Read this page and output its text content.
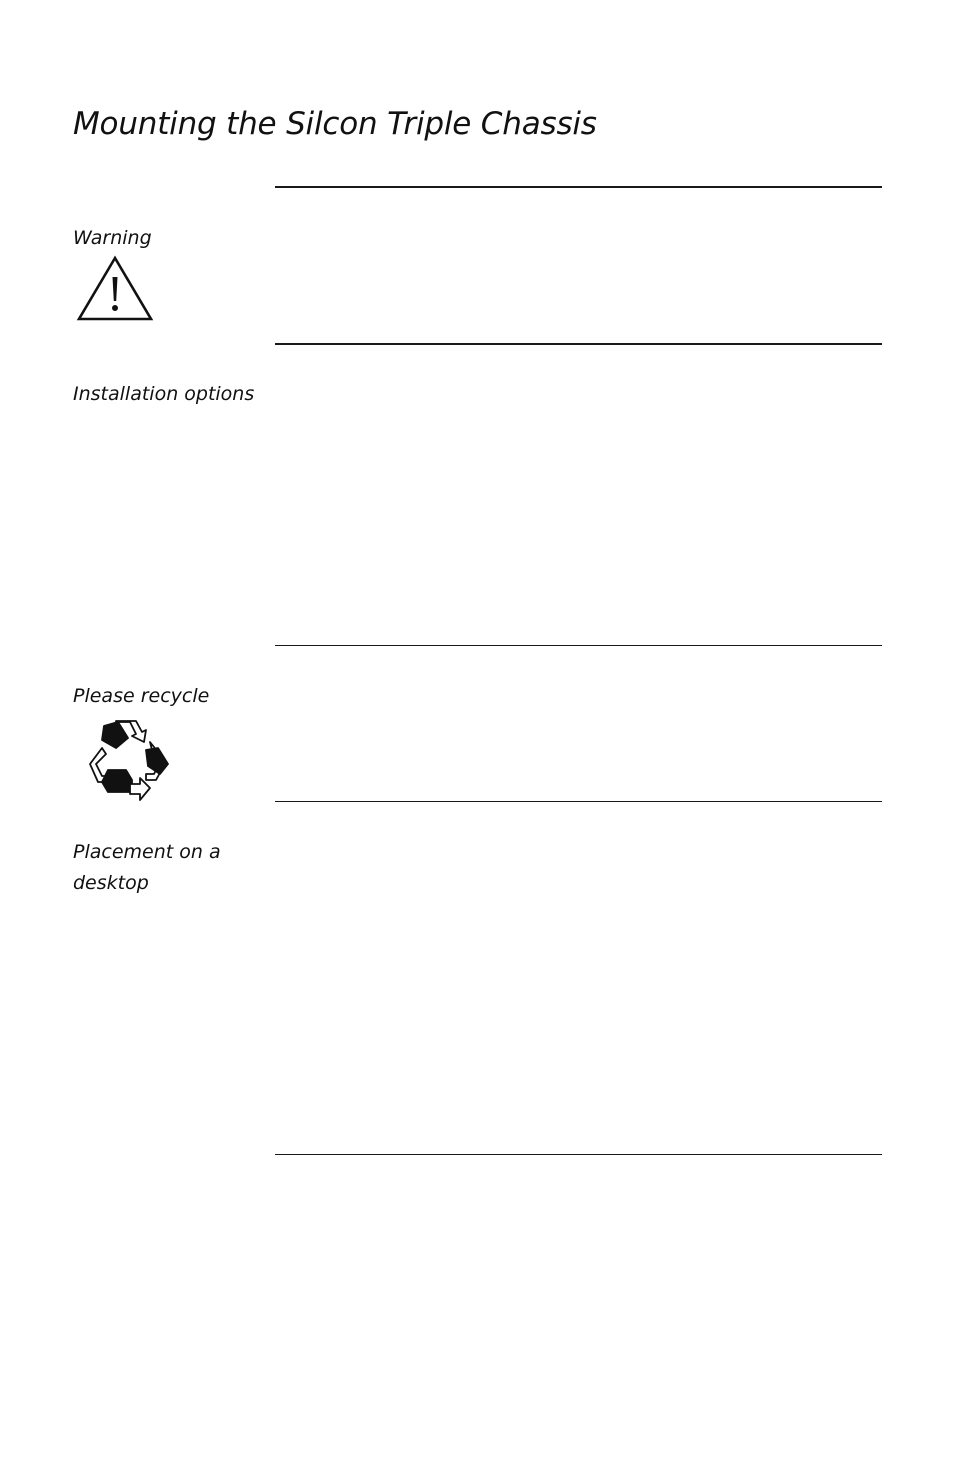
Mounting the Silcon Triple Chassis
Warning
Installation options
Please recycle
Placement on a desktop
